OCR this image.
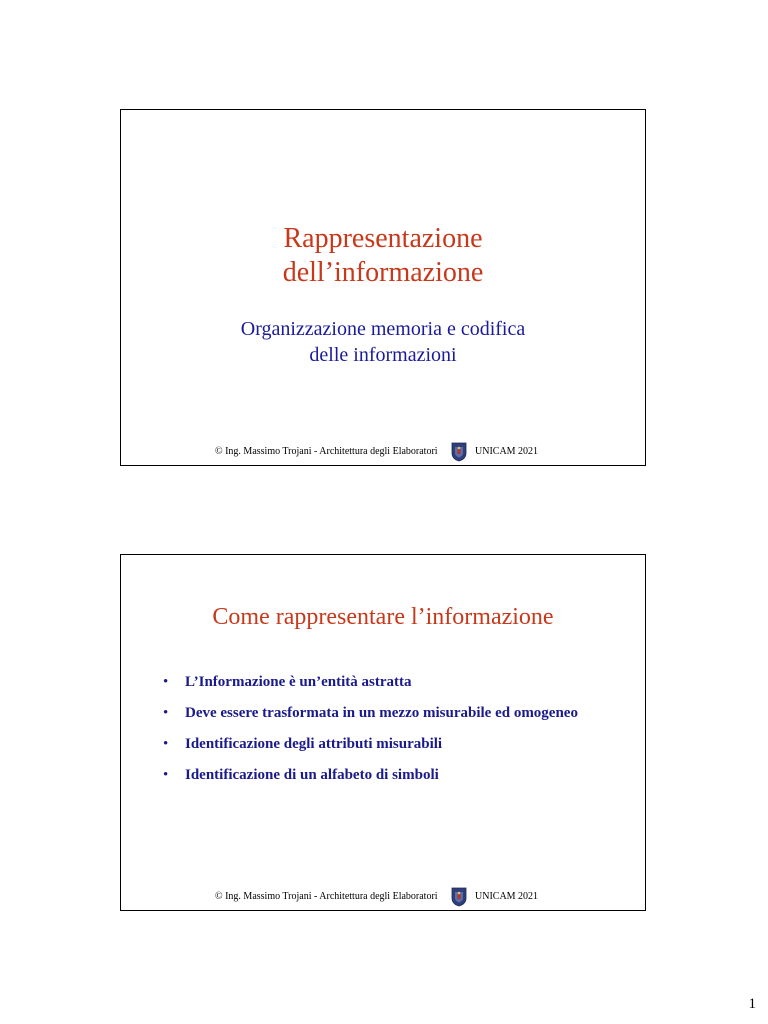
Rappresentazione
dell’informazione
Organizzazione memoria e codifica
delle informazioni
© Ing. Massimo Trojani - Architettura degli Elaboratori	UNICAM 2021
Come rappresentare l’informazione
• L’Informazione è un’entità astratta
• Deve essere trasformata in un mezzo misurabile ed omogeneo
• Identificazione degli attributi misurabili
• Identificazione di un alfabeto di simboli
© Ing. Massimo Trojani - Architettura degli Elaboratori	UNICAM 2021
1
